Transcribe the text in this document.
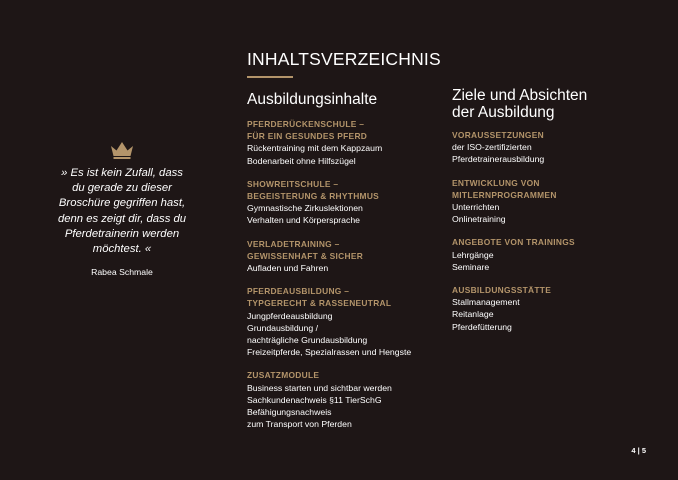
INHALTSVERZEICHNIS

» Es ist kein Zufall, dass
du gerade zu dieser
Broschüre gegriffen hast,
denn es zeigt dir, dass du
Pferdetrainerin werden
möchtest. «

Rabea Schmale
Ausbildungsinhalte
PFERDERÜCKENSCHULE –
FÜR EIN GESUNDES PFERD
Rückentraining mit dem Kappzaum
Bodenarbeit ohne Hilfszügel
SHOWREITSCHULE –
BEGEISTERUNG & RHYTHMUS
Gymnastische Zirkuslektionen
Verhalten und Körpersprache
VERLADETRAINING –
GEWISSENHAFT & SICHER
Aufladen und Fahren
PFERDEAUSBILDUNG –
TYPGERECHT & RASSENEUTRAL
Jungpferdeausbildung
Grundausbildung /
nachträgliche Grundausbildung
Freizeitpferde, Spezialrassen und Hengste
ZUSATZMODULE
Business starten und sichtbar werden
Sachkundenachweis §11 TierSchG
Befähigungsnachweis
zum Transport von Pferden
Ziele und Absichten
der Ausbildung
VORAUSSETZUNGEN
der ISO-zertifizierten
Pferdetrainerausbildung
ENTWICKLUNG VON
MITLERNPROGRAMMEN
Unterrichten
Onlinetraining
ANGEBOTE VON TRAININGS
Lehrgänge
Seminare
AUSBILDUNGSSTÄTTE
Stallmanagement
Reitanlage
Pferdefütterung
4 | 5
